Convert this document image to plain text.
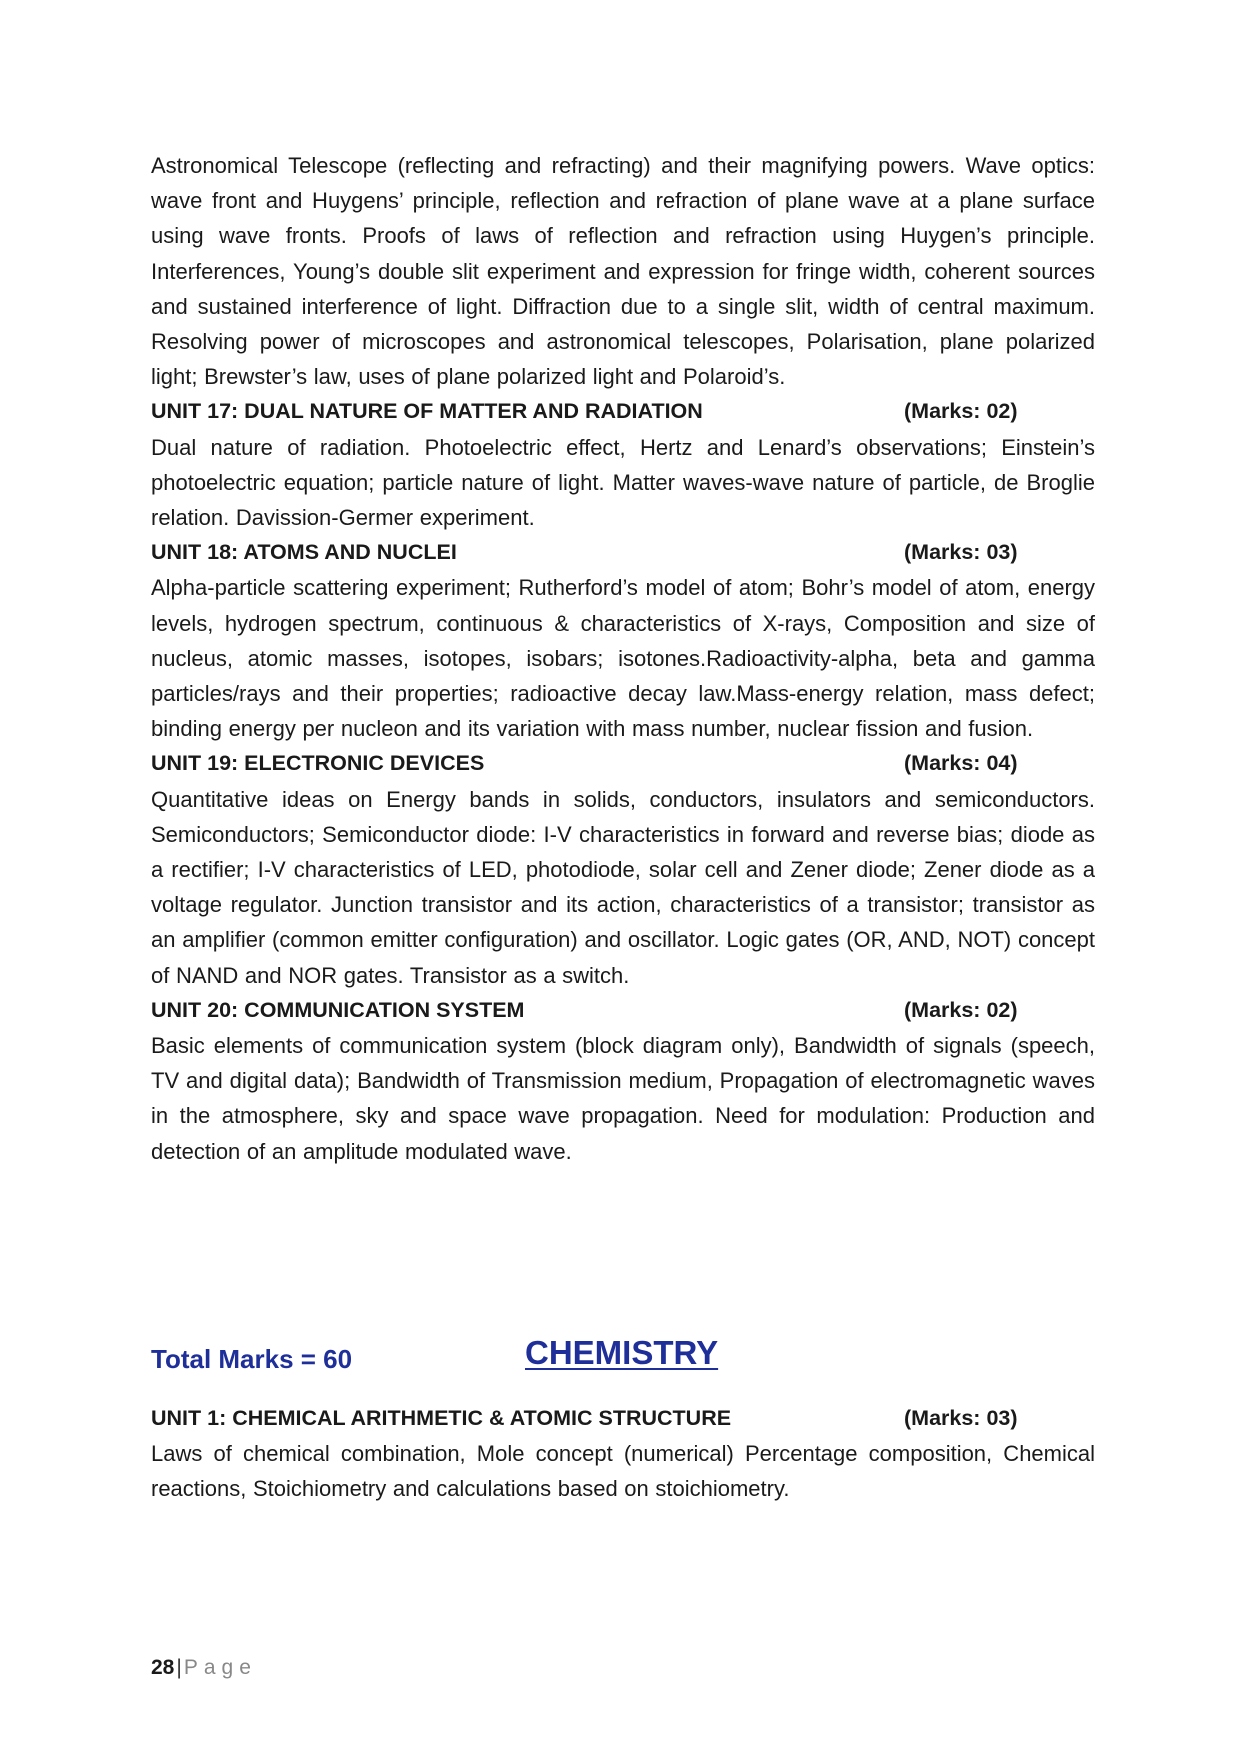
Astronomical Telescope (reflecting and refracting) and their magnifying powers. Wave optics: wave front and Huygens’ principle, reflection and refraction of plane wave at a plane surface using wave fronts. Proofs of laws of reflection and refraction using Huygen’s principle. Interferences, Young’s double slit experiment and expression for fringe width, coherent sources and sustained interference of light. Diffraction due to a single slit, width of central maximum. Resolving power of microscopes and astronomical telescopes, Polarisation, plane polarized light; Brewster’s law, uses of plane polarized light and Polaroid’s.

UNIT 17: DUAL NATURE OF MATTER AND RADIATION	(Marks: 02)

Dual nature of radiation. Photoelectric effect, Hertz and Lenard’s observations; Einstein’s photoelectric equation; particle nature of light. Matter waves-wave nature of particle, de Broglie relation. Davission-Germer experiment.

UNIT 18: ATOMS AND NUCLEI	(Marks: 03)

Alpha-particle scattering experiment; Rutherford’s model of atom; Bohr’s model of atom, energy levels, hydrogen spectrum, continuous & characteristics of X-rays, Composition and size of nucleus, atomic masses, isotopes, isobars; isotones.Radioactivity-alpha, beta and gamma particles/rays and their properties; radioactive decay law.Mass-energy relation, mass defect; binding energy per nucleon and its variation with mass number, nuclear fission and fusion.

UNIT 19: ELECTRONIC DEVICES	(Marks: 04)

Quantitative ideas on Energy bands in solids, conductors, insulators and semiconductors. Semiconductors; Semiconductor diode: I-V characteristics in forward and reverse bias; diode as a rectifier; I-V characteristics of LED, photodiode, solar cell and Zener diode; Zener diode as a voltage regulator. Junction transistor and its action, characteristics of a transistor; transistor as an amplifier (common emitter configuration) and oscillator. Logic gates (OR, AND, NOT) concept of NAND and NOR gates. Transistor as a switch.

UNIT 20: COMMUNICATION SYSTEM	(Marks: 02)

Basic elements of communication system (block diagram only), Bandwidth of signals (speech, TV and digital data); Bandwidth of Transmission medium, Propagation of electromagnetic waves in the atmosphere, sky and space wave propagation. Need for modulation: Production and detection of an amplitude modulated wave.

Total Marks = 60	CHEMISTRY
UNIT 1: CHEMICAL ARITHMETIC & ATOMIC STRUCTURE	(Marks: 03)

Laws of chemical combination, Mole concept (numerical) Percentage composition, Chemical reactions, Stoichiometry and calculations based on stoichiometry.

28|Page
